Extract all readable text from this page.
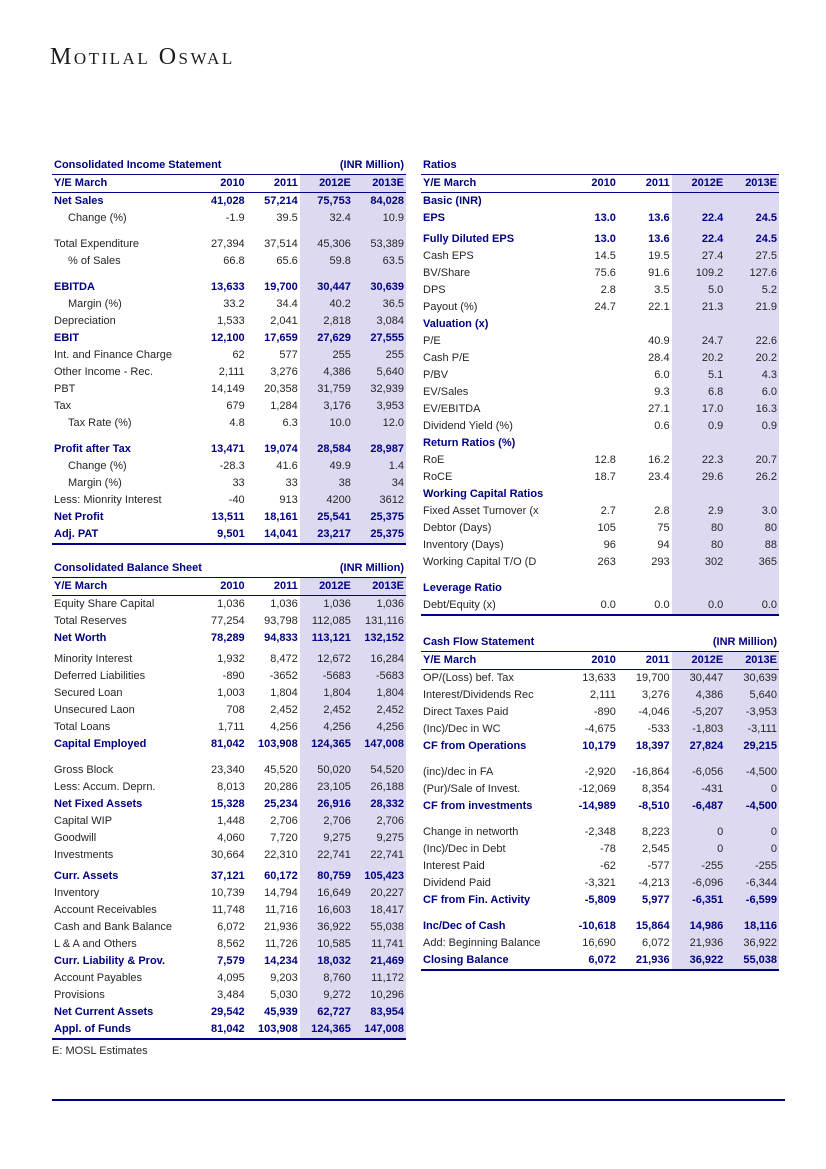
Motilal Oswal
Consolidated Income Statement			(INR Million)	
Y/E March	2010	2011	2012E	2013E
Net Sales	41,028	57,214	75,753	84,028
Change (%)	-1.9	39.5	32.4	10.9

Total Expenditure	27,394	37,514	45,306	53,389
% of Sales	66.8	65.6	59.8	63.5

EBITDA	13,633	19,700	30,447	30,639
Margin (%)	33.2	34.4	40.2	36.5
Depreciation	1,533	2,041	2,818	3,084
EBIT	12,100	17,659	27,629	27,555
Int. and Finance Charge	62	577	255	255
Other Income - Rec.	2,111	3,276	4,386	5,640
PBT	14,149	20,358	31,759	32,939
Tax	679	1,284	3,176	3,953
Tax Rate (%)	4.8	6.3	10.0	12.0

Profit after Tax	13,471	19,074	28,584	28,987
Change (%)	-28.3	41.6	49.9	1.4
Margin (%)	33	33	38	34
Less: Mionrity Interest	-40	913	4200	3612
Net Profit	13,511	18,161	25,541	25,375
Adj. PAT	9,501	14,041	23,217	25,375
Consolidated Balance Sheet			(INR Million)	
Y/E March	2010	2011	2012E	2013E
Equity Share Capital	1,036	1,036	1,036	1,036
Total Reserves	77,254	93,798	112,085	131,116
Net Worth	78,289	94,833	113,121	132,152

Minority Interest	1,932	8,472	12,672	16,284
Deferred Liabilities	-890	-3652	-5683	-5683
Secured Loan	1,003	1,804	1,804	1,804
Unsecured Laon	708	2,452	2,452	2,452
Total Loans	1,711	4,256	4,256	4,256
Capital Employed	81,042	103,908	124,365	147,008

Gross Block	23,340	45,520	50,020	54,520
Less: Accum. Deprn.	8,013	20,286	23,105	26,188
Net Fixed Assets	15,328	25,234	26,916	28,332
Capital WIP	1,448	2,706	2,706	2,706
Goodwill	4,060	7,720	9,275	9,275
Investments	30,664	22,310	22,741	22,741

Curr. Assets	37,121	60,172	80,759	105,423
Inventory	10,739	14,794	16,649	20,227
Account Receivables	11,748	11,716	16,603	18,417
Cash and Bank Balance	6,072	21,936	36,922	55,038
L & A and Others	8,562	11,726	10,585	11,741
Curr. Liability & Prov.	7,579	14,234	18,032	21,469
Account Payables	4,095	9,203	8,760	11,172
Provisions	3,484	5,030	9,272	10,296
Net Current Assets	29,542	45,939	62,727	83,954
Appl. of Funds	81,042	103,908	124,365	147,008
E: MOSL Estimates
Ratios				
Y/E March	2010	2011	2012E	2013E
Basic (INR)				
EPS	13.0	13.6	22.4	24.5

Fully Diluted EPS	13.0	13.6	22.4	24.5
Cash EPS	14.5	19.5	27.4	27.5
BV/Share	75.6	91.6	109.2	127.6
DPS	2.8	3.5	5.0	5.2
Payout (%)	24.7	22.1	21.3	21.9
Valuation (x)				
P/E		40.9	24.7	22.6
Cash P/E		28.4	20.2	20.2
P/BV		6.0	5.1	4.3
EV/Sales		9.3	6.8	6.0
EV/EBITDA		27.1	17.0	16.3
Dividend Yield (%)		0.6	0.9	0.9
Return Ratios (%)				
RoE	12.8	16.2	22.3	20.7
RoCE	18.7	23.4	29.6	26.2
Working Capital Ratios				
Fixed Asset Turnover (x	2.7	2.8	2.9	3.0
Debtor (Days)	105	75	80	80
Inventory (Days)	96	94	80	88
Working Capital T/O (D	263	293	302	365

Leverage Ratio				
Debt/Equity (x)	0.0	0.0	0.0	0.0
Cash Flow Statement			(INR Million)	
Y/E March	2010	2011	2012E	2013E
OP/(Loss) bef. Tax	13,633	19,700	30,447	30,639
Interest/Dividends Rec	2,111	3,276	4,386	5,640
Direct Taxes Paid	-890	-4,046	-5,207	-3,953
(Inc)/Dec in WC	-4,675	-533	-1,803	-3,111
CF from Operations	10,179	18,397	27,824	29,215

(inc)/dec in FA	-2,920	-16,864	-6,056	-4,500
(Pur)/Sale of Invest.	-12,069	8,354	-431	0
CF from investments	-14,989	-8,510	-6,487	-4,500

Change in networth	-2,348	8,223	0	0
(Inc)/Dec in Debt	-78	2,545	0	0
Interest Paid	-62	-577	-255	-255
Dividend Paid	-3,321	-4,213	-6,096	-6,344
CF from Fin. Activity	-5,809	5,977	-6,351	-6,599

Inc/Dec of Cash	-10,618	15,864	14,986	18,116
Add: Beginning Balance	16,690	6,072	21,936	36,922
Closing Balance	6,072	21,936	36,922	55,038
